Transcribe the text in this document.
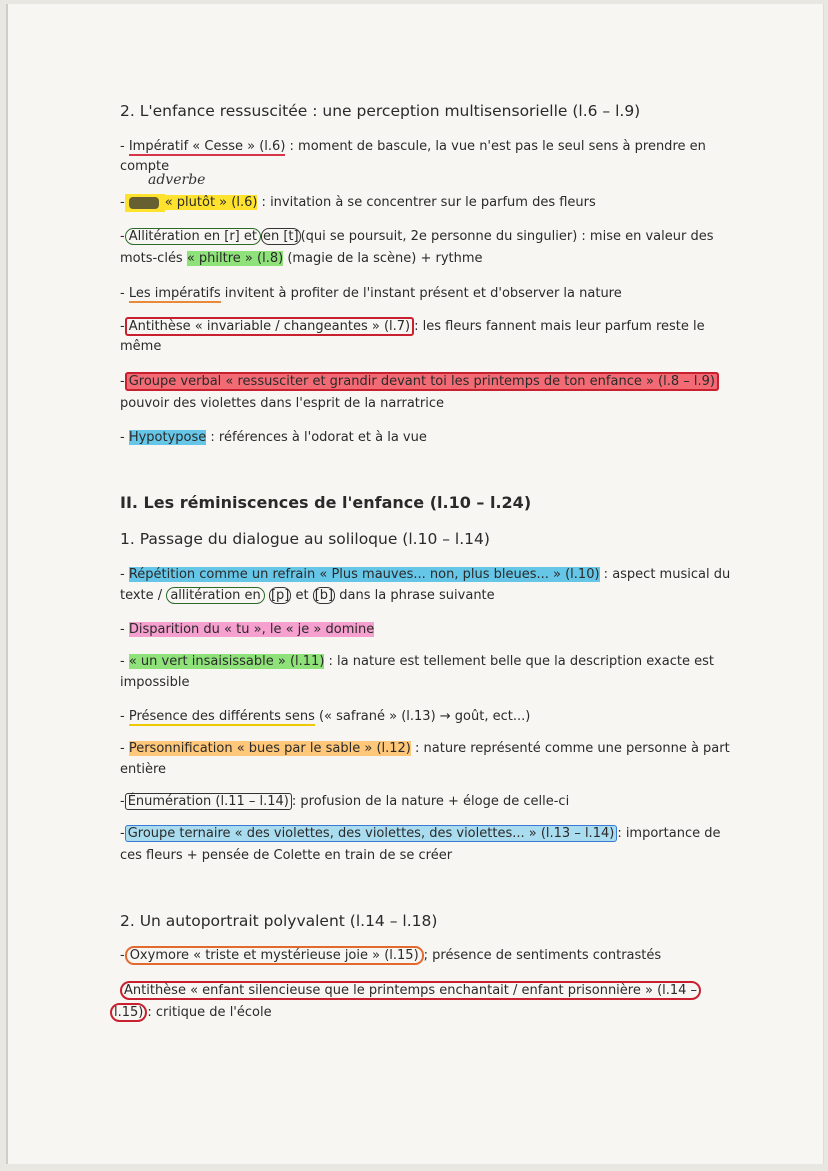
2. L'enfance ressuscitée : une perception multisensorielle (l.6 – l.9)
- Impératif « Cesse » (l.6) : moment de bascule, la vue n'est pas le seul sens à prendre en
compte
adverbe
-	« plutôt » (l.6) : invitation à se concentrer sur le parfum des fleurs
- Allitération en [r] et en [t] (qui se poursuit, 2e personne du singulier) : mise en valeur des
mots-clés « philtre » (l.8) (magie de la scène) + rythme
- Les impératifs invitent à profiter de l'instant présent et d'observer la nature
- Antithèse « invariable / changeantes » (l.7) : les fleurs fannent mais leur parfum reste le
même
- Groupe verbal « ressusciter et grandir devant toi les printemps de ton enfance » (l.8 – l.9)
pouvoir des violettes dans l'esprit de la narratrice
- Hypotypose : références à l'odorat et à la vue
II. Les réminiscences de l'enfance (l.10 – l.24)
1. Passage du dialogue au soliloque (l.10 – l.14)
- Répétition comme un refrain « Plus mauves... non, plus bleues... » (l.10) : aspect musical du
texte / allitération en [p] et [b] dans la phrase suivante
- Disparition du « tu », le « je » domine
- « un vert insaisissable » (l.11) : la nature est tellement belle que la description exacte est
impossible
- Présence des différents sens (« safrané » (l.13) → goût, ect...)
- Personnification « bues par le sable » (l.12) : nature représenté comme une personne à part
entière
- Énumération (l.11 – l.14) : profusion de la nature + éloge de celle-ci
- Groupe ternaire « des violettes, des violettes, des violettes... » (l.13 – l.14) : importance de
ces fleurs + pensée de Colette en train de se créer
2. Un autoportrait polyvalent (l.14 – l.18)
- Oxymore « triste et mystérieuse joie » (l.15) ; présence de sentiments contrastés
Antithèse « enfant silencieuse que le printemps enchantait / enfant prisonnière » (l.14 –
l.15) : critique de l'école
